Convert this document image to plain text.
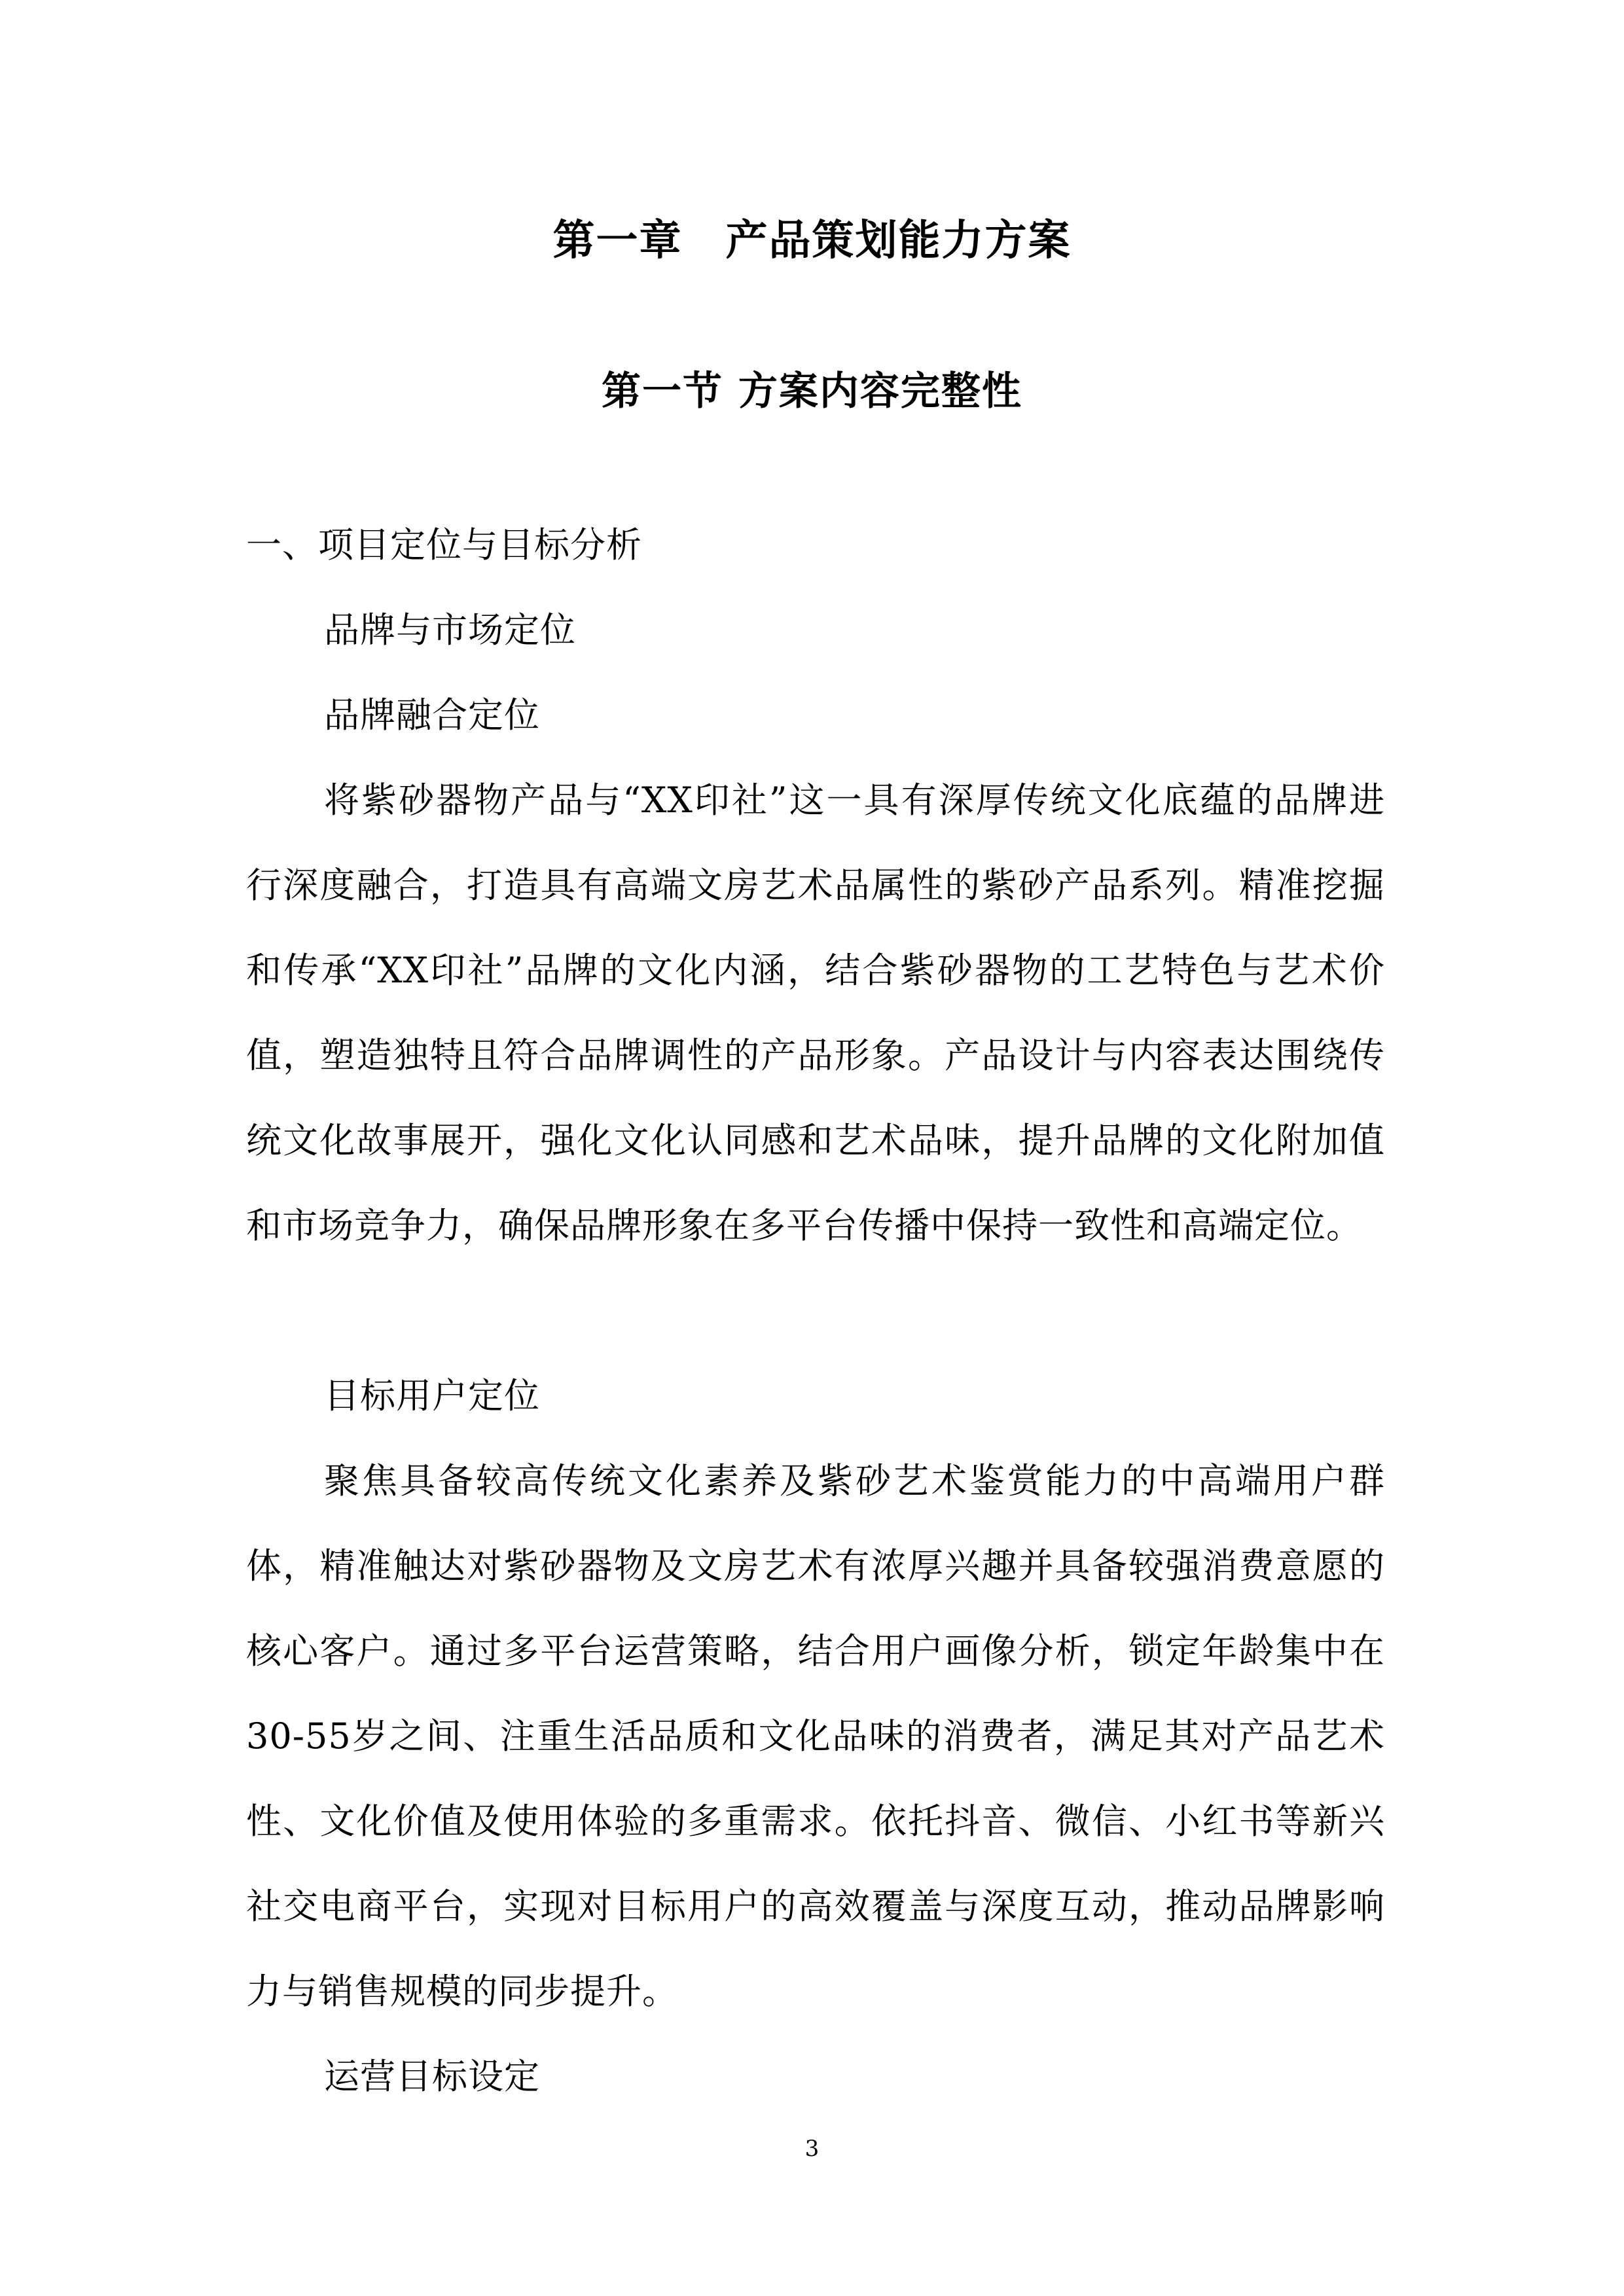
第一章　产品策划能力方案
第一节 方案内容完整性
一、项目定位与目标分析
品牌与市场定位
品牌融合定位
将紫砂器物产品与“XX印社”这一具有深厚传统文化底蕴的品牌进行深度融合，打造具有高端文房艺术品属性的紫砂产品系列。精准挖掘和传承“XX印社”品牌的文化内涵，结合紫砂器物的工艺特色与艺术价值，塑造独特且符合品牌调性的产品形象。产品设计与内容表达围绕传统文化故事展开，强化文化认同感和艺术品味，提升品牌的文化附加值和市场竞争力，确保品牌形象在多平台传播中保持一致性和高端定位。
目标用户定位
聚焦具备较高传统文化素养及紫砂艺术鉴赏能力的中高端用户群体，精准触达对紫砂器物及文房艺术有浓厚兴趣并具备较强消费意愿的核心客户。通过多平台运营策略，结合用户画像分析，锁定年龄集中在30-55岁之间、注重生活品质和文化品味的消费者，满足其对产品艺术性、文化价值及使用体验的多重需求。依托抖音、微信、小红书等新兴社交电商平台，实现对目标用户的高效覆盖与深度互动，推动品牌影响力与销售规模的同步提升。
运营目标设定
3
